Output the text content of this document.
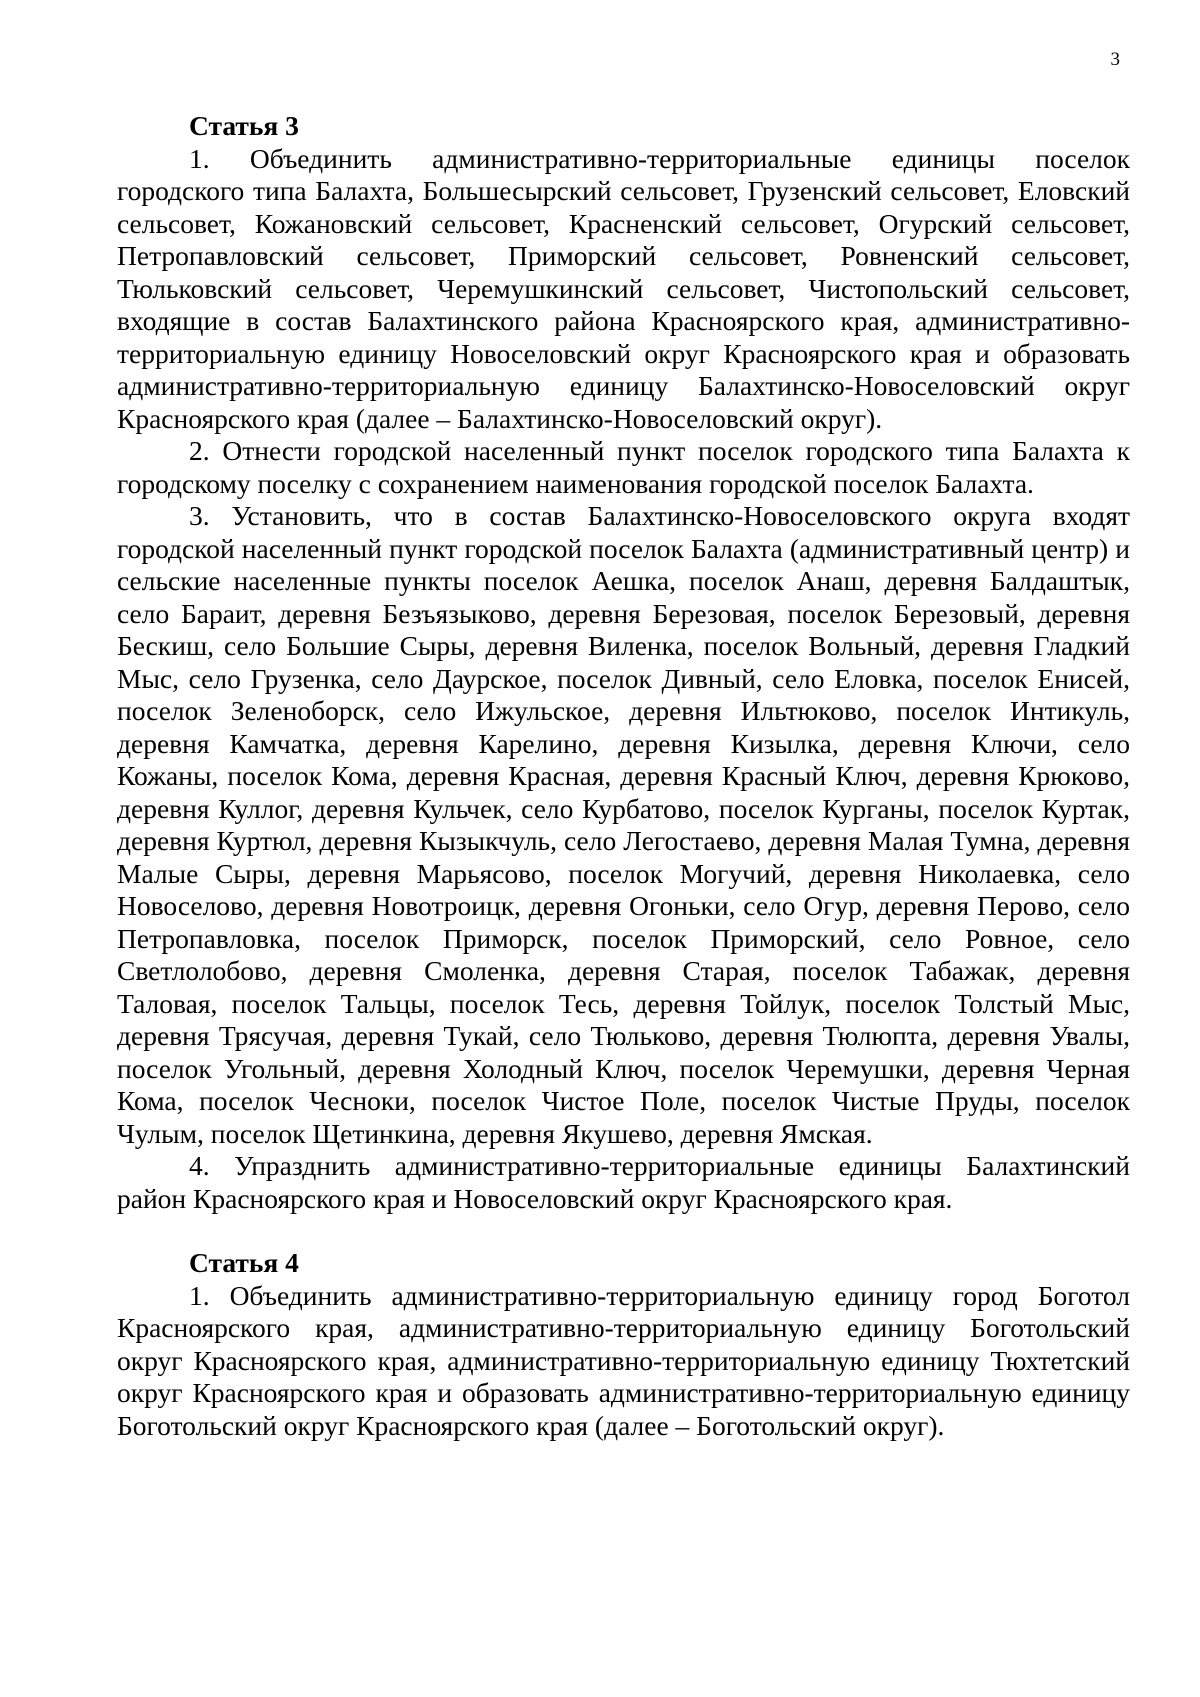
3
Статья 3

1. Объединить административно-территориальные единицы поселок городского типа Балахта, Большесырский сельсовет, Грузенский сельсовет, Еловский сельсовет, Кожановский сельсовет, Красненский сельсовет, Огурский сельсовет, Петропавловский сельсовет, Приморский сельсовет, Ровненский сельсовет, Тюльковский сельсовет, Черемушкинский сельсовет, Чистопольский сельсовет, входящие в состав Балахтинского района Красноярского края, административно-территориальную единицу Новоселовский округ Красноярского края и образовать административно-территориальную единицу Балахтинско-Новоселовский округ Красноярского края (далее – Балахтинско-Новоселовский округ).

2. Отнести городской населенный пункт поселок городского типа Балахта к городскому поселку с сохранением наименования городской поселок Балахта.

3. Установить, что в состав Балахтинско-Новоселовского округа входят городской населенный пункт городской поселок Балахта (административный центр) и сельские населенные пункты поселок Аешка, поселок Анаш, деревня Балдаштык, село Бараит, деревня Безъязыково, деревня Березовая, поселок Березовый, деревня Бескиш, село Большие Сыры, деревня Виленка, поселок Вольный, деревня Гладкий Мыс, село Грузенка, село Даурское, поселок Дивный, село Еловка, поселок Енисей, поселок Зеленоборск, село Ижульское, деревня Ильтюково, поселок Интикуль, деревня Камчатка, деревня Карелино, деревня Кизылка, деревня Ключи, село Кожаны, поселок Кома, деревня Красная, деревня Красный Ключ, деревня Крюково, деревня Куллог, деревня Кульчек, село Курбатово, поселок Курганы, поселок Куртак, деревня Куртюл, деревня Кызыкчуль, село Легостаево, деревня Малая Тумна, деревня Малые Сыры, деревня Марьясово, поселок Могучий, деревня Николаевка, село Новоселово, деревня Новотроицк, деревня Огоньки, село Огур, деревня Перово, село Петропавловка, поселок Приморск, поселок Приморский, село Ровное, село Светлолобово, деревня Смоленка, деревня Старая, поселок Табажак, деревня Таловая, поселок Тальцы, поселок Тесь, деревня Тойлук, поселок Толстый Мыс, деревня Трясучая, деревня Тукай, село Тюльково, деревня Тюлюпта, деревня Увалы, поселок Угольный, деревня Холодный Ключ, поселок Черемушки, деревня Черная Кома, поселок Чесноки, поселок Чистое Поле, поселок Чистые Пруды, поселок Чулым, поселок Щетинкина, деревня Якушево, деревня Ямская.

4. Упразднить административно-территориальные единицы Балахтинский район Красноярского края и Новоселовский округ Красноярского края.

Статья 4

1. Объединить административно-территориальную единицу город Боготол Красноярского края, административно-территориальную единицу Боготольский округ Красноярского края, административно-территориальную единицу Тюхтетский округ Красноярского края и образовать административно-территориальную единицу Боготольский округ Красноярского края (далее – Боготольский округ).
